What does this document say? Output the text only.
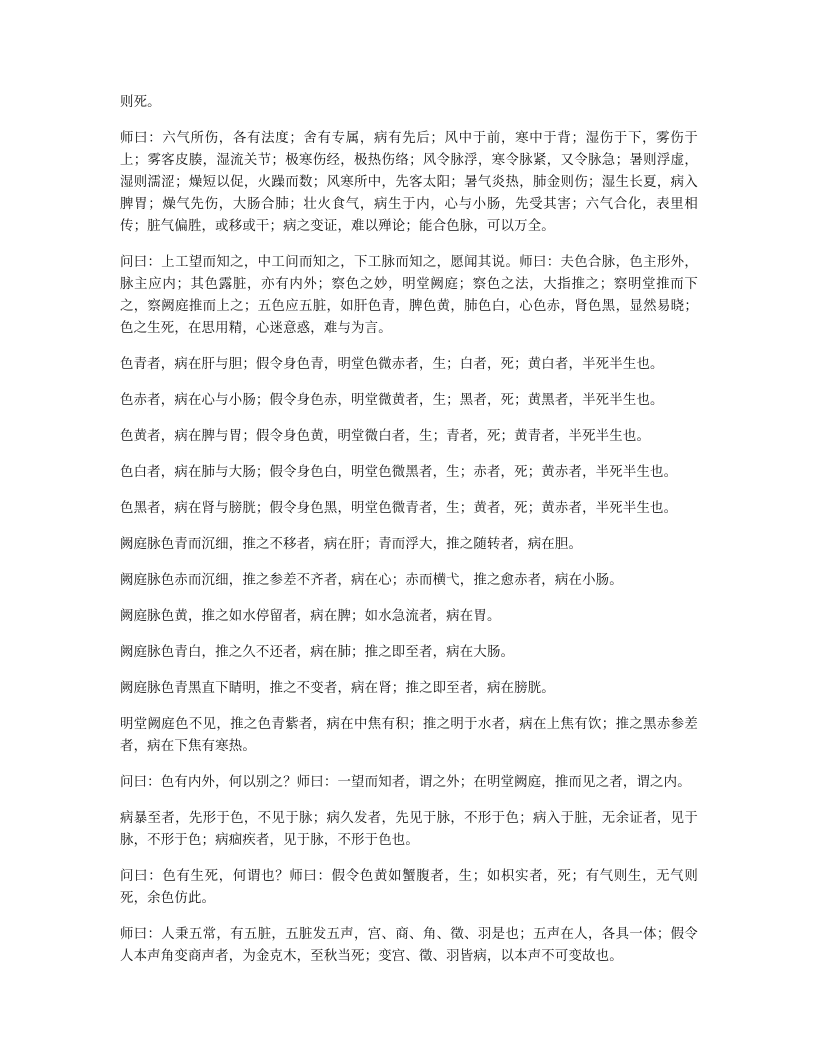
则死。

师曰：六气所伤，各有法度；舍有专属，病有先后；风中于前，寒中于背；湿伤于下，雾伤于上；雾客皮腠，湿流关节；极寒伤经，极热伤络；风令脉浮，寒令脉紧，又令脉急；暑则浮虚，湿则濡涩；燥短以促，火躁而数；风寒所中，先客太阳；暑气炎热，肺金则伤；湿生长夏，病入脾胃；燥气先伤，大肠合肺；壮火食气，病生于内，心与小肠，先受其害；六气合化，表里相传；脏气偏胜，或移或干；病之变证，难以殚论；能合色脉，可以万全。

问曰：上工望而知之，中工问而知之，下工脉而知之，愿闻其说。师曰：夫色合脉，色主形外，脉主应内；其色露脏，亦有内外；察色之妙，明堂阙庭；察色之法，大指推之；察明堂推而下之，察阙庭推而上之；五色应五脏，如肝色青，脾色黄，肺色白，心色赤，肾色黑，显然易晓；色之生死，在思用精，心迷意惑，难与为言。

色青者，病在肝与胆；假令身色青，明堂色微赤者，生；白者，死；黄白者，半死半生也。

色赤者，病在心与小肠；假令身色赤，明堂微黄者，生；黑者，死；黄黑者，半死半生也。

色黄者，病在脾与胃；假令身色黄，明堂微白者，生；青者，死；黄青者，半死半生也。

色白者，病在肺与大肠；假令身色白，明堂色微黑者，生；赤者，死；黄赤者，半死半生也。

色黑者，病在肾与膀胱；假令身色黑，明堂色微青者，生；黄者，死；黄赤者，半死半生也。

阙庭脉色青而沉细，推之不移者，病在肝；青而浮大，推之随转者，病在胆。

阙庭脉色赤而沉细，推之参差不齐者，病在心；赤而横弋，推之愈赤者，病在小肠。

阙庭脉色黄，推之如水停留者，病在脾；如水急流者，病在胃。

阙庭脉色青白，推之久不还者，病在肺；推之即至者，病在大肠。

阙庭脉色青黑直下睛明，推之不变者，病在肾；推之即至者，病在膀胱。

明堂阙庭色不见，推之色青紫者，病在中焦有积；推之明于水者，病在上焦有饮；推之黑赤参差者，病在下焦有寒热。

问曰：色有内外，何以别之？师曰：一望而知者，谓之外；在明堂阙庭，推而见之者，谓之内。

病暴至者，先形于色，不见于脉；病久发者，先见于脉，不形于色；病入于脏，无余证者，见于脉，不形于色；病痼疾者，见于脉，不形于色也。

问曰：色有生死，何谓也？师曰：假令色黄如蟹腹者，生；如枳实者，死；有气则生，无气则死，余色仿此。

师曰：人秉五常，有五脏，五脏发五声，宫、商、角、徵、羽是也；五声在人，各具一体；假令人本声角变商声者，为金克木，至秋当死；变宫、徵、羽皆病，以本声不可变故也。
